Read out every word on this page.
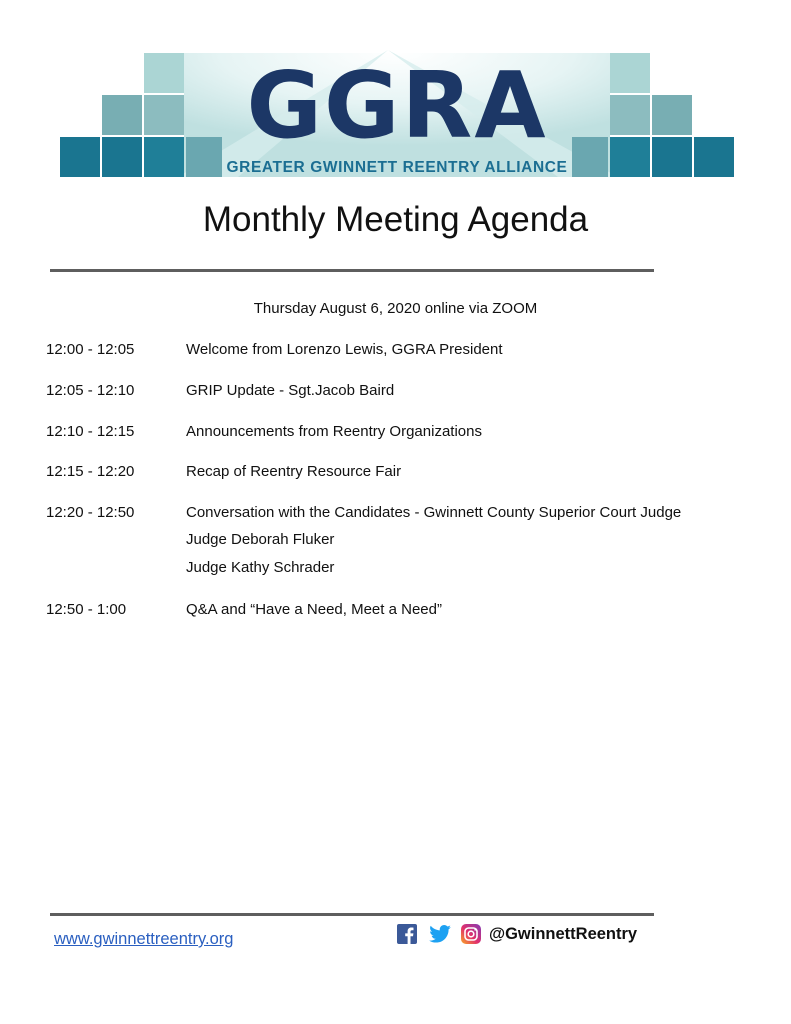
GGRA
GREATER GWINNETT REENTRY ALLIANCE
Monthly Meeting Agenda
Thursday August 6, 2020 online via ZOOM
12:00 - 12:05	Welcome from Lorenzo Lewis, GGRA President
12:05 - 12:10	GRIP Update - Sgt.Jacob Baird
12:10 - 12:15	Announcements from Reentry Organizations
12:15 - 12:20	Recap of Reentry Resource Fair
12:20 - 12:50	Conversation with the Candidates - Gwinnett County Superior Court Judge
Judge Deborah Fluker
Judge Kathy Schrader
12:50 - 1:00	Q&A and “Have a Need, Meet a Need”
www.gwinnettreentry.org	@GwinnettReentry
